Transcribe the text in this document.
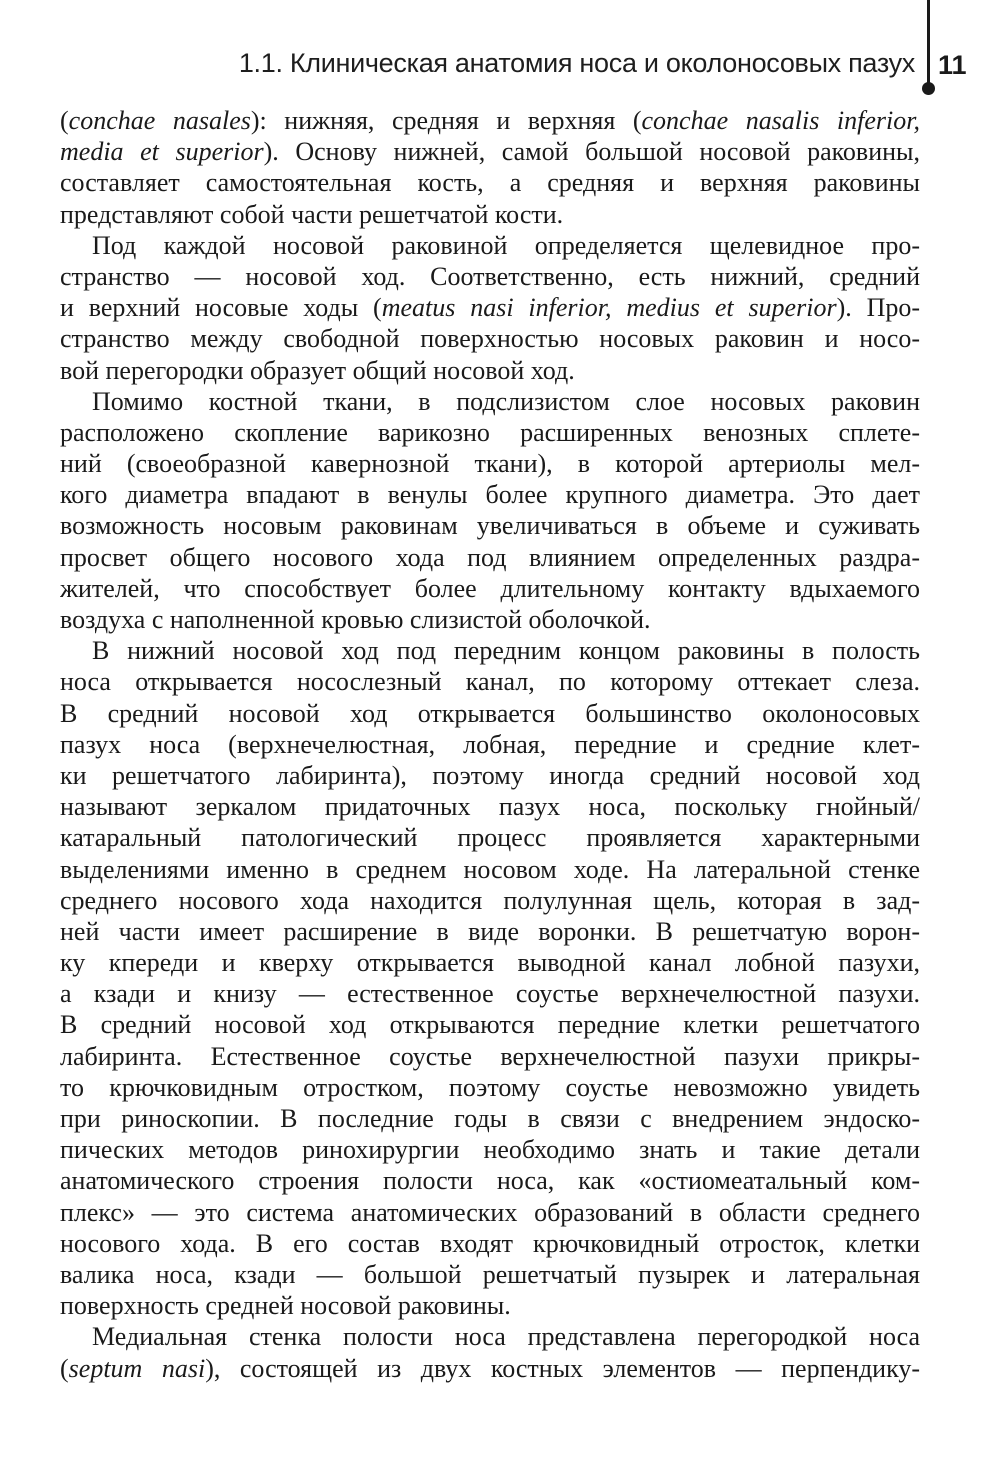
1.1. Клиническая анатомия носа и околоносовых пазух 11
(conchae nasales): нижняя, средняя и верхняя (conchae nasalis inferior,
media et superior). Основу нижней, самой большой носовой раковины,
составляет самостоятельная кость, а средняя и верхняя раковины
представляют собой части решетчатой кости.
Под каждой носовой раковиной определяется щелевидное про-
странство — носовой ход. Соответственно, есть нижний, средний
и верхний носовые ходы (meatus nasi inferior, medius et superior). Про-
странство между свободной поверхностью носовых раковин и носо-
вой перегородки образует общий носовой ход.
Помимо костной ткани, в подслизистом слое носовых раковин
расположено скопление варикозно расширенных венозных сплете-
ний (своеобразной кавернозной ткани), в которой артериолы мел-
кого диаметра впадают в венулы более крупного диаметра. Это дает
возможность носовым раковинам увеличиваться в объеме и суживать
просвет общего носового хода под влиянием определенных раздра-
жителей, что способствует более длительному контакту вдыхаемого
воздуха с наполненной кровью слизистой оболочкой.
В нижний носовой ход под передним концом раковины в полость
носа открывается носослезный канал, по которому оттекает слеза.
В средний носовой ход открывается большинство околоносовых
пазух носа (верхнечелюстная, лобная, передние и средние клет-
ки решетчатого лабиринта), поэтому иногда средний носовой ход
называют зеркалом придаточных пазух носа, поскольку гнойный/
катаральный патологический процесс проявляется характерными
выделениями именно в среднем носовом ходе. На латеральной стенке
среднего носового хода находится полулунная щель, которая в зад-
ней части имеет расширение в виде воронки. В решетчатую ворон-
ку кпереди и кверху открывается выводной канал лобной пазухи,
а кзади и книзу — естественное соустье верхнечелюстной пазухи.
В средний носовой ход открываются передние клетки решетчатого
лабиринта. Естественное соустье верхнечелюстной пазухи прикры-
то крючковидным отростком, поэтому соустье невозможно увидеть
при риноскопии. В последние годы в связи с внедрением эндоско-
пических методов ринохирургии необходимо знать и такие детали
анатомического строения полости носа, как «остиомеатальный ком-
плекс» — это система анатомических образований в области среднего
носового хода. В его состав входят крючковидный отросток, клетки
валика носа, кзади — большой решетчатый пузырек и латеральная
поверхность средней носовой раковины.
Медиальная стенка полости носа представлена перегородкой носа
(septum nasi), состоящей из двух костных элементов — перпендику-
